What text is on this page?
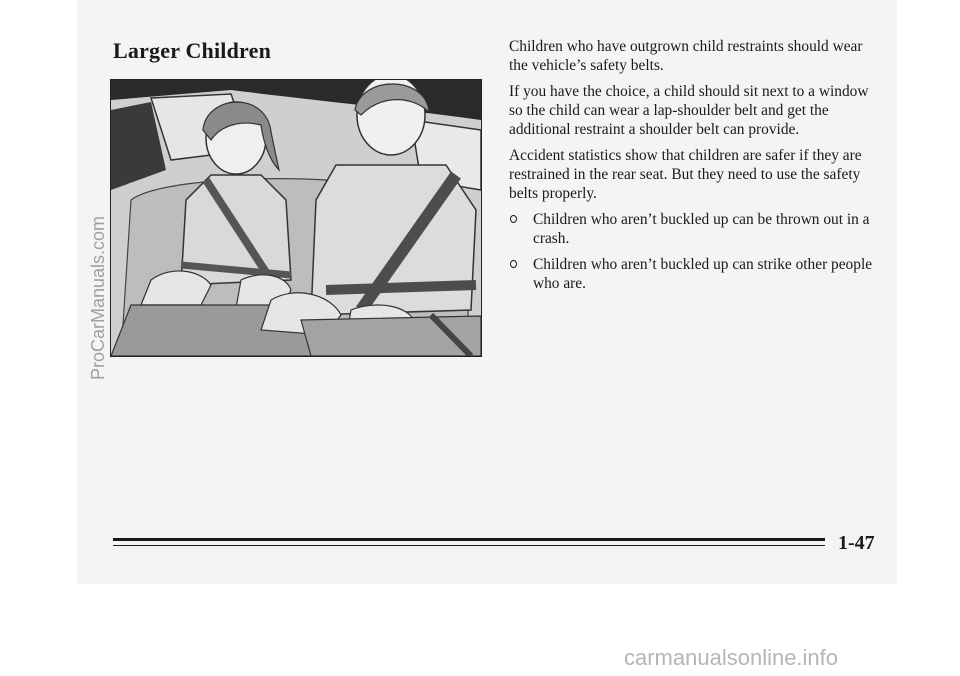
Larger Children	Children who have outgrown child restraints should wear the vehicle’s safety belts.

If you have the choice, a child should sit next to a window so the child can wear a lap-shoulder belt and get the additional restraint a shoulder belt can provide.

Accident statistics show that children are safer if they are restrained in the rear seat. But they need to use the safety belts properly.

Children who aren’t buckled up can be thrown out in a crash.
Children who aren’t buckled up can strike other people who are.
1-47
ProCarManuals.com
carmanualsonline.info
